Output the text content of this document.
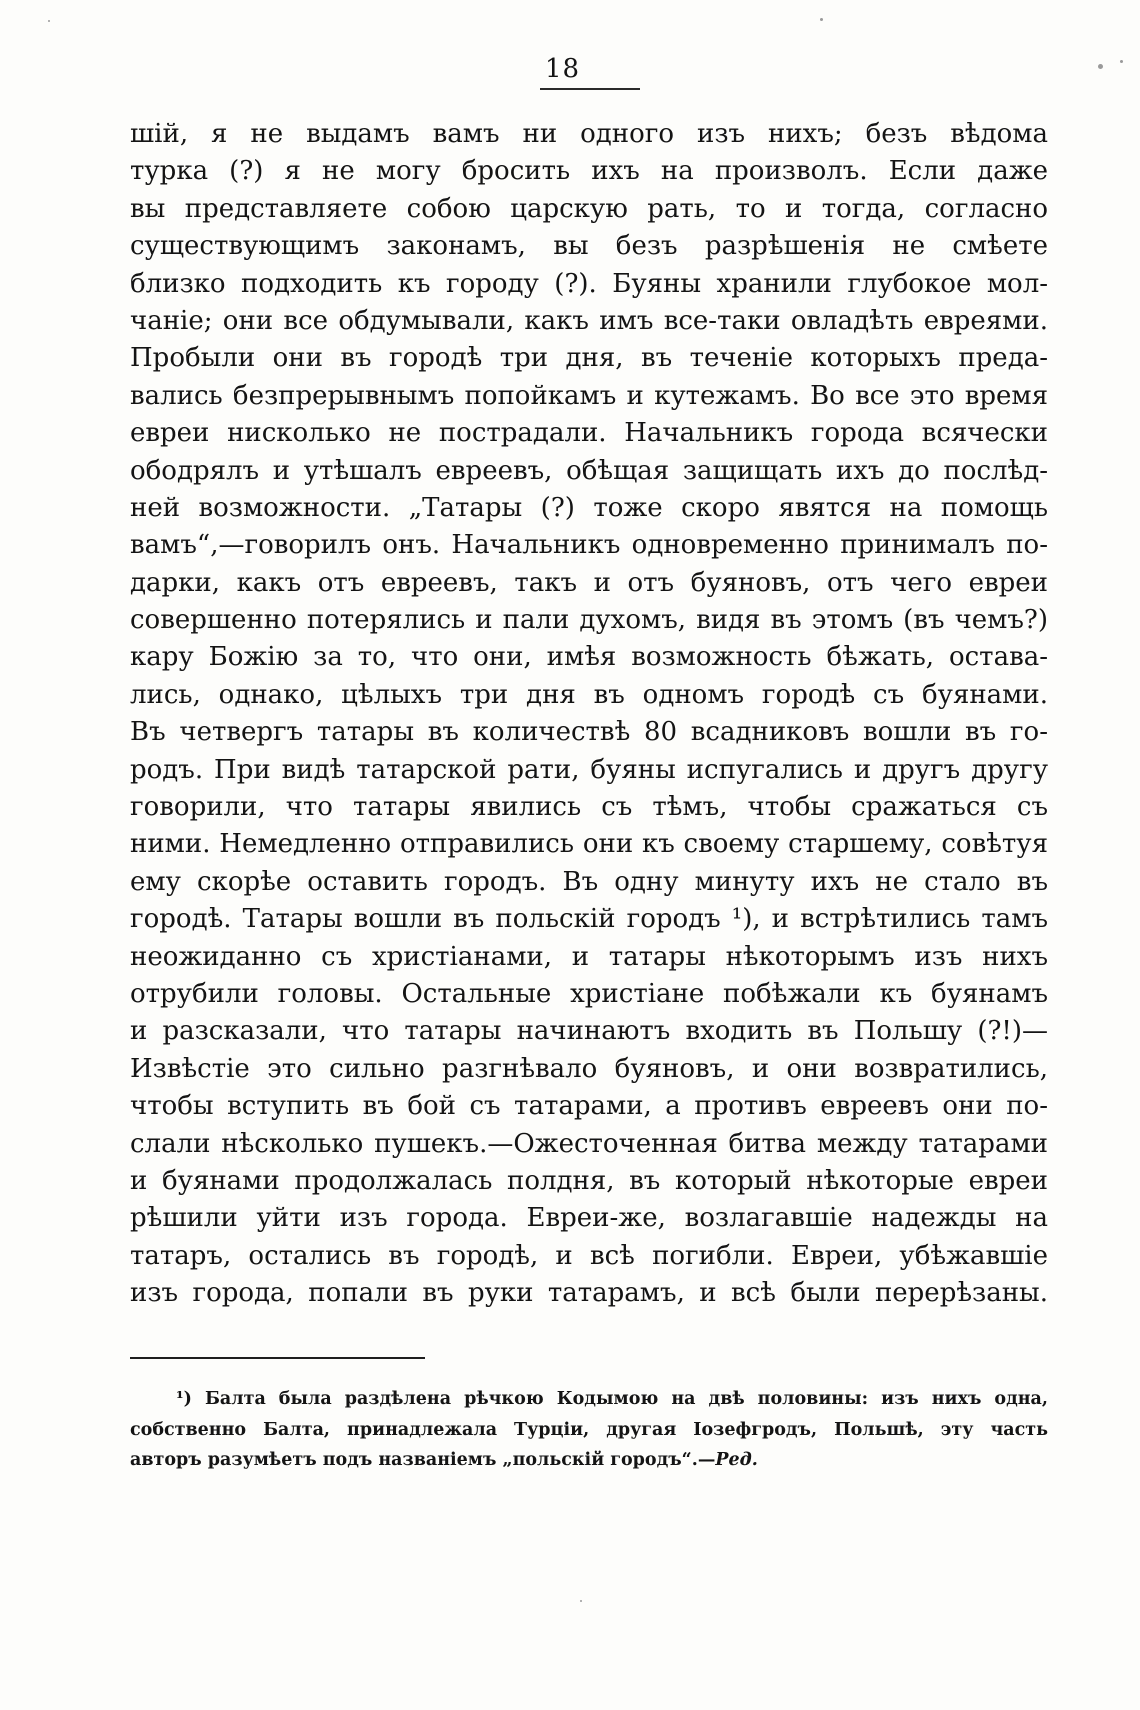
18
шій, я не выдамъ вамъ ни одного изъ нихъ; безъ вѣдома
турка (?) я не могу бросить ихъ на произволъ. Если даже
вы представляете собою царскую рать, то и тогда, согласно
существующимъ законамъ, вы безъ разрѣшенія не смѣете
близко подходить къ городу (?). Буяны хранили глубокое мол-
чаніе; они все обдумывали, какъ имъ все-таки овладѣть евреями.
Пробыли они въ городѣ три дня, въ теченіе которыхъ преда-
вались безпрерывнымъ попойкамъ и кутежамъ. Во все это время
евреи нисколько не пострадали. Начальникъ города всячески
ободрялъ и утѣшалъ евреевъ, обѣщая защищать ихъ до послѣд-
ней возможности. „Татары (?) тоже скоро явятся на помощь
вамъ“,—говорилъ онъ. Начальникъ одновременно принималъ по-
дарки, какъ отъ евреевъ, такъ и отъ буяновъ, отъ чего евреи
совершенно потерялись и пали духомъ, видя въ этомъ (въ чемъ?)
кару Божію за то, что они, имѣя возможность бѣжать, остава-
лись, однако, цѣлыхъ три дня въ одномъ городѣ съ буянами.
Въ четвергъ татары въ количествѣ 80 всадниковъ вошли въ го-
родъ. При видѣ татарской рати, буяны испугались и другъ другу
говорили, что татары явились съ тѣмъ, чтобы сражаться съ
ними. Немедленно отправились они къ своему старшему, совѣтуя
ему скорѣе оставить городъ. Въ одну минуту ихъ не стало въ
городѣ. Татары вошли въ польскій городъ ¹), и встрѣтились тамъ
неожиданно съ христіанами, и татары нѣкоторымъ изъ нихъ
отрубили головы. Остальные христіане побѣжали къ буянамъ
и разсказали, что татары начинаютъ входить въ Польшу (?!)—
Извѣстіе это сильно разгнѣвало буяновъ, и они возвратились,
чтобы вступить въ бой съ татарами, а противъ евреевъ они по-
слали нѣсколько пушекъ.—Ожесточенная битва между татарами
и буянами продолжалась полдня, въ который нѣкоторые евреи
рѣшили уйти изъ города. Евреи-же, возлагавшіе надежды на
татаръ, остались въ городѣ, и всѣ погибли. Евреи, убѣжавшіе
изъ города, попали въ руки татарамъ, и всѣ были перерѣзаны.
¹) Балта была раздѣлена рѣчкою Кодымою на двѣ половины: изъ нихъ одна,
собственно Балта, принадлежала Турціи, другая Іозефгродъ, Польшѣ, эту часть
авторъ разумѣетъ подъ названіемъ „польскій городъ“.—Ред.
